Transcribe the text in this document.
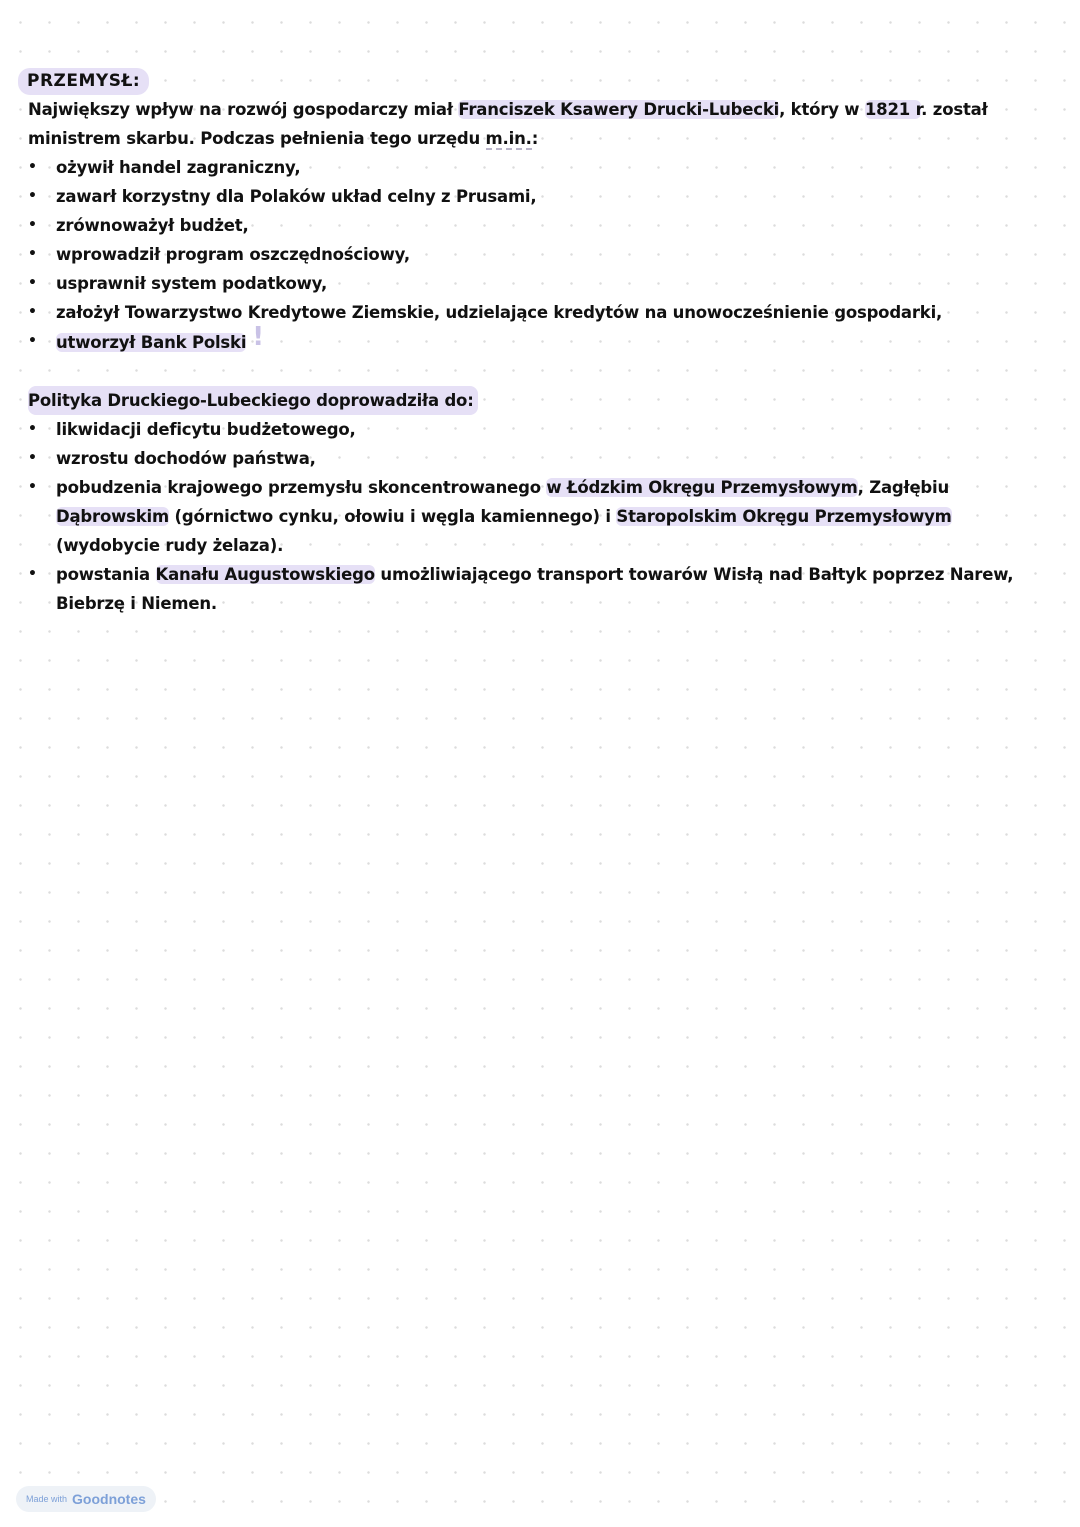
PRZEMYSŁ:

Największy wpływ na rozwój gospodarczy miał Franciszek Ksawery Drucki-Lubecki, który w 1821 r. został ministrem skarbu. Podczas pełnienia tego urzędu m.in.:

• ożywił handel zagraniczny,
• zawarł korzystny dla Polaków układ celny z Prusami,
• zrównoważył budżet,
• wprowadził program oszczędnościowy,
• usprawnił system podatkowy,
• założył Towarzystwo Kredytowe Ziemskie, udzielające kredytów na unowocześnienie gospodarki,
• utworzył Bank Polski !

Polityka Druckiego-Lubeckiego doprowadziła do:

• likwidacji deficytu budżetowego,
• wzrostu dochodów państwa,
• pobudzenia krajowego przemysłu skoncentrowanego w Łódzkim Okręgu Przemysłowym, Zagłębiu Dąbrowskim (górnictwo cynku, ołowiu i węgla kamiennego) i Staropolskim Okręgu Przemysłowym (wydobycie rudy żelaza).
• powstania Kanału Augustowskiego umożliwiającego transport towarów Wisłą nad Bałtyk poprzez Narew, Biebrzę i Niemen.
Made with Goodnotes
